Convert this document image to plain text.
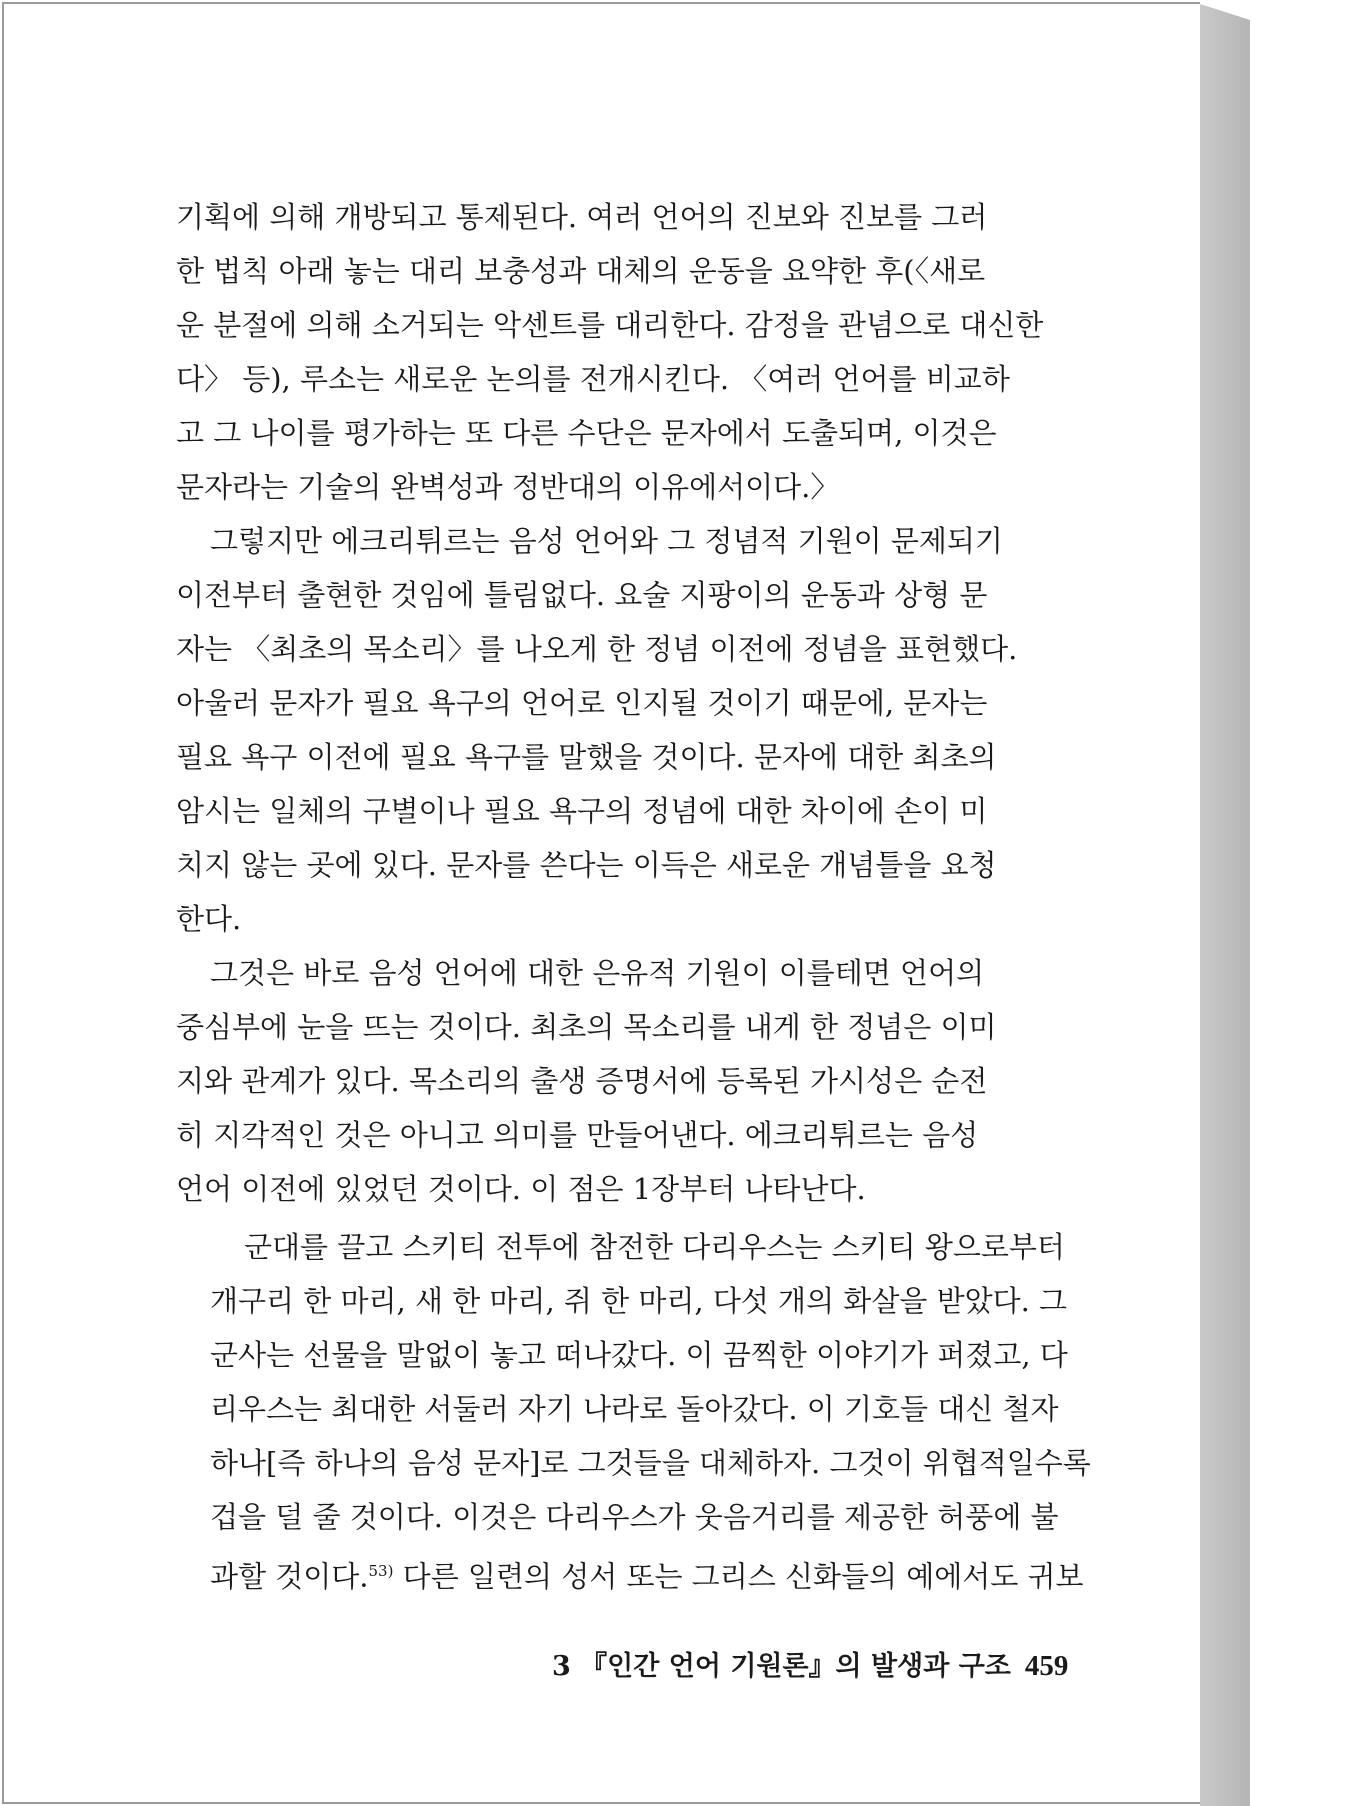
기획에 의해 개방되고 통제된다. 여러 언어의 진보와 진보를 그러
한 법칙 아래 놓는 대리 보충성과 대체의 운동을 요약한 후(〈새로
운 분절에 의해 소거되는 악센트를 대리한다. 감정을 관념으로 대신한
다〉 등), 루소는 새로운 논의를 전개시킨다. 〈여러 언어를 비교하
고 그 나이를 평가하는 또 다른 수단은 문자에서 도출되며, 이것은
문자라는 기술의 완벽성과 정반대의 이유에서이다.〉
그렇지만 에크리튀르는 음성 언어와 그 정념적 기원이 문제되기
이전부터 출현한 것임에 틀림없다. 요술 지팡이의 운동과 상형 문
자는 〈최초의 목소리〉를 나오게 한 정념 이전에 정념을 표현했다.
아울러 문자가 필요 욕구의 언어로 인지될 것이기 때문에, 문자는
필요 욕구 이전에 필요 욕구를 말했을 것이다. 문자에 대한 최초의
암시는 일체의 구별이나 필요 욕구의 정념에 대한 차이에 손이 미
치지 않는 곳에 있다. 문자를 쓴다는 이득은 새로운 개념틀을 요청
한다.
그것은 바로 음성 언어에 대한 은유적 기원이 이를테면 언어의
중심부에 눈을 뜨는 것이다. 최초의 목소리를 내게 한 정념은 이미
지와 관계가 있다. 목소리의 출생 증명서에 등록된 가시성은 순전
히 지각적인 것은 아니고 의미를 만들어낸다. 에크리튀르는 음성
언어 이전에 있었던 것이다. 이 점은 1장부터 나타난다.
군대를 끌고 스키티 전투에 참전한 다리우스는 스키티 왕으로부터
개구리 한 마리, 새 한 마리, 쥐 한 마리, 다섯 개의 화살을 받았다. 그
군사는 선물을 말없이 놓고 떠나갔다. 이 끔찍한 이야기가 퍼졌고, 다
리우스는 최대한 서둘러 자기 나라로 돌아갔다. 이 기호들 대신 철자
하나[즉 하나의 음성 문자]로 그것들을 대체하자. 그것이 위협적일수록
겁을 덜 줄 것이다. 이것은 다리우스가 웃음거리를 제공한 허풍에 불
과할 것이다.$^{53)}$ 다른 일련의 성서 또는 그리스 신화들의 예에서도 귀보
3 『인간 언어 기원론』의 발생과 구조 459
